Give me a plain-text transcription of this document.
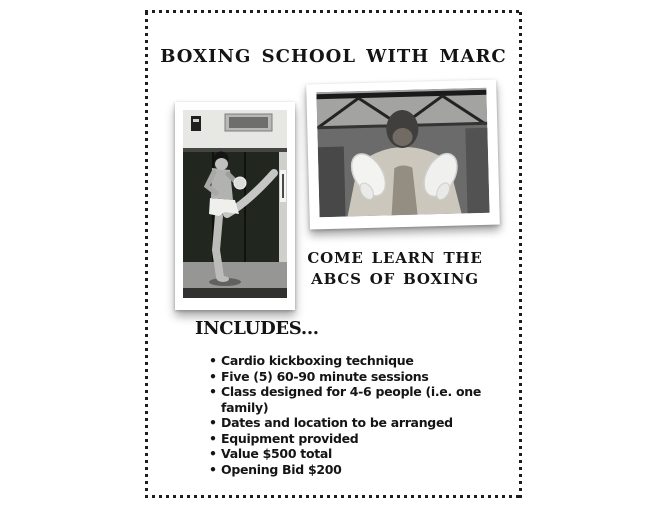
BOXING SCHOOL WITH MARC
COME LEARN THE
ABCS OF BOXING
INCLUDES...
• Cardio kickboxing technique
• Five (5) 60-90 minute sessions
• Class designed for 4-6 people (i.e. one family)
• Dates and location to be arranged
• Equipment provided
• Value $500 total
• Opening Bid $200
